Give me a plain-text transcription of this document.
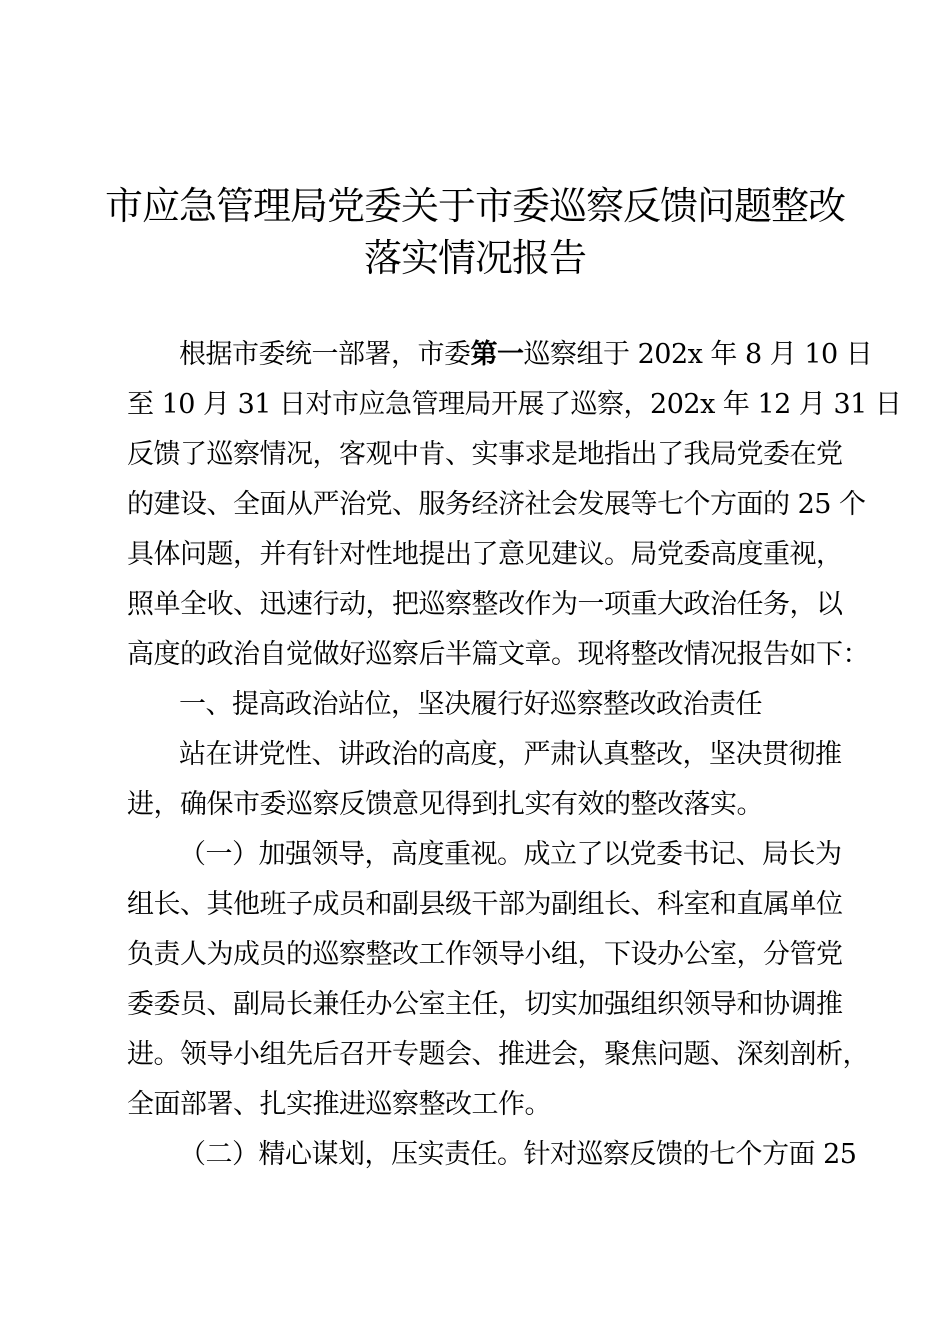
市应急管理局党委关于市委巡察反馈问题整改
落实情况报告
根据市委统一部署，市委第一巡察组于 202x 年 8 月 10 日
至 10 月 31 日对市应急管理局开展了巡察，202x 年 12 月 31 日
反馈了巡察情况，客观中肯、实事求是地指出了我局党委在党
的建设、全面从严治党、服务经济社会发展等七个方面的 25 个
具体问题，并有针对性地提出了意见建议。局党委高度重视，
照单全收、迅速行动，把巡察整改作为一项重大政治任务，以
高度的政治自觉做好巡察后半篇文章。现将整改情况报告如下：
一、提高政治站位，坚决履行好巡察整改政治责任
站在讲党性、讲政治的高度，严肃认真整改，坚决贯彻推
进，确保市委巡察反馈意见得到扎实有效的整改落实。
（一）加强领导，高度重视。成立了以党委书记、局长为
组长、其他班子成员和副县级干部为副组长、科室和直属单位
负责人为成员的巡察整改工作领导小组，下设办公室，分管党
委委员、副局长兼任办公室主任，切实加强组织领导和协调推
进。领导小组先后召开专题会、推进会，聚焦问题、深刻剖析，
全面部署、扎实推进巡察整改工作。
（二）精心谋划，压实责任。针对巡察反馈的七个方面 25
